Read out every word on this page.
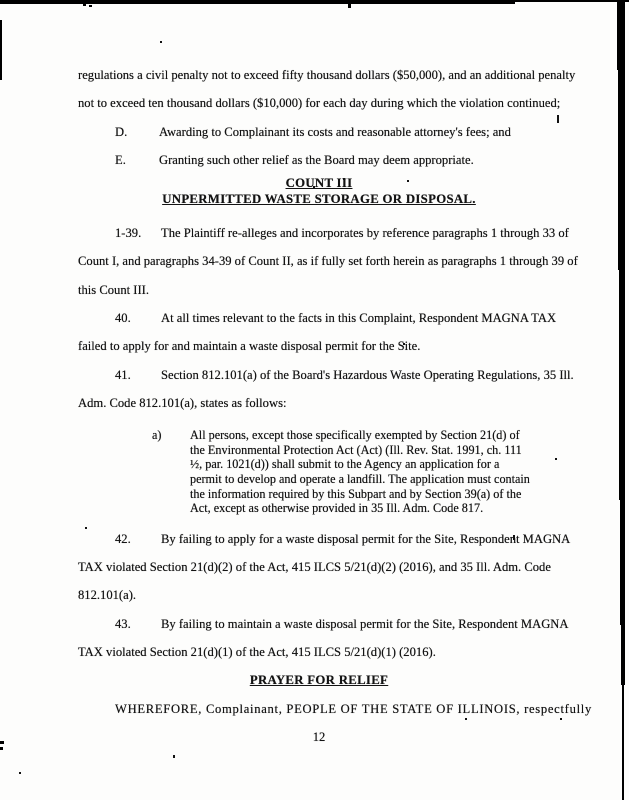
regulations a civil penalty not to exceed fifty thousand dollars ($50,000), and an additional penalty
not to exceed ten thousand dollars ($10,000) for each day during which the violation continued;
D.	Awarding to Complainant its costs and reasonable attorney's fees; and
E.	Granting such other relief as the Board may deem appropriate.
COUNT III
UNPERMITTED WASTE STORAGE OR DISPOSAL.
1-39. The Plaintiff re-alleges and incorporates by reference paragraphs 1 through 33 of
Count I, and paragraphs 34-39 of Count II, as if fully set forth herein as paragraphs 1 through 39 of
this Count III.
40. At all times relevant to the facts in this Complaint, Respondent MAGNA TAX
failed to apply for and maintain a waste disposal permit for the Site.
41. Section 812.101(a) of the Board's Hazardous Waste Operating Regulations, 35 Ill.
Adm. Code 812.101(a), states as follows:
a)	All persons, except those specifically exempted by Section 21(d) of
the Environmental Protection Act (Act) (Ill. Rev. Stat. 1991, ch. 111
½, par. 1021(d)) shall submit to the Agency an application for a
permit to develop and operate a landfill. The application must contain
the information required by this Subpart and by Section 39(a) of the
Act, except as otherwise provided in 35 Ill. Adm. Code 817.
42. By failing to apply for a waste disposal permit for the Site, Respondent MAGNA
TAX violated Section 21(d)(2) of the Act, 415 ILCS 5/21(d)(2) (2016), and 35 Ill. Adm. Code
812.101(a).
43. By failing to maintain a waste disposal permit for the Site, Respondent MAGNA
TAX violated Section 21(d)(1) of the Act, 415 ILCS 5/21(d)(1) (2016).
PRAYER FOR RELIEF
WHEREFORE, Complainant, PEOPLE OF THE STATE OF ILLINOIS, respectfully
12
